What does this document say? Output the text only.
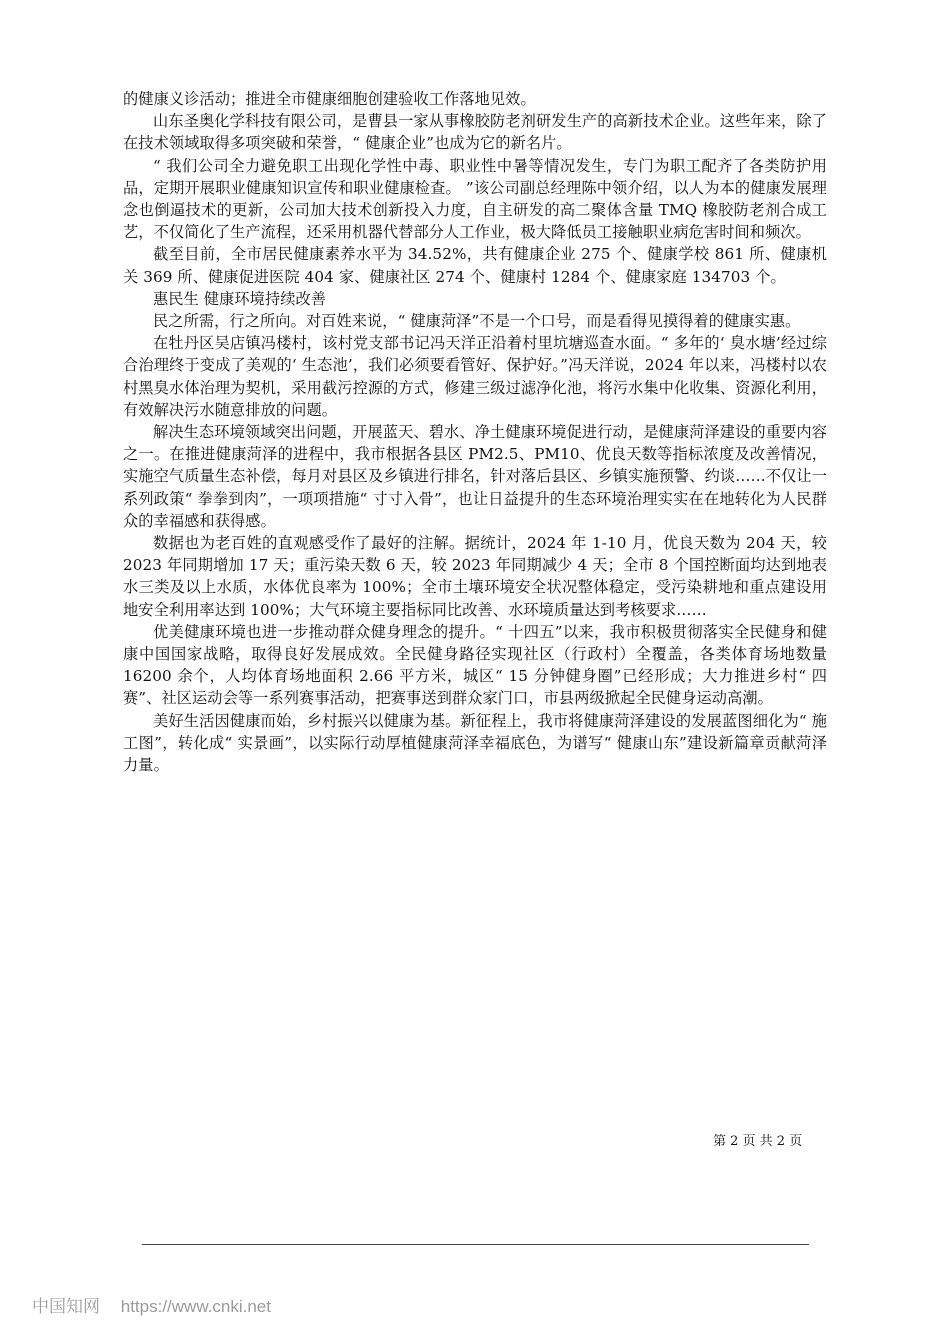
的健康义诊活动；推进全市健康细胞创建验收工作落地见效。

山东圣奥化学科技有限公司，是曹县一家从事橡胶防老剂研发生产的高新技术企业。这些年来，除了在技术领域取得多项突破和荣誉，“ 健康企业”也成为它的新名片。

“ 我们公司全力避免职工出现化学性中毒、职业性中暑等情况发生，专门为职工配齐了各类防护用品，定期开展职业健康知识宣传和职业健康检查。 ”该公司副总经理陈中领介绍，以人为本的健康发展理念也倒逼技术的更新，公司加大技术创新投入力度，自主研发的高二聚体含量 TMQ 橡胶防老剂合成工艺，不仅简化了生产流程，还采用机器代替部分人工作业，极大降低员工接触职业病危害时间和频次。

截至目前，全市居民健康素养水平为 34.52%，共有健康企业 275 个、健康学校 861 所、健康机关 369 所、健康促进医院 404 家、健康社区 274 个、健康村 1284 个、健康家庭 134703 个。

惠民生 健康环境持续改善

民之所需，行之所向。对百姓来说，“ 健康菏泽”不是一个口号，而是看得见摸得着的健康实惠。

在牡丹区吴店镇冯楼村，该村党支部书记冯天洋正沿着村里坑塘巡查水面。“ 多年的‘ 臭水塘’经过综合治理终于变成了美观的‘ 生态池’，我们必须要看管好、保护好。”冯天洋说，2024 年以来，冯楼村以农村黑臭水体治理为契机，采用截污控源的方式，修建三级过滤净化池，将污水集中化收集、资源化利用，有效解决污水随意排放的问题。

解决生态环境领域突出问题，开展蓝天、碧水、净土健康环境促进行动，是健康菏泽建设的重要内容之一。在推进健康菏泽的进程中，我市根据各县区 PM2.5、PM10、优良天数等指标浓度及改善情况，实施空气质量生态补偿，每月对县区及乡镇进行排名，针对落后县区、乡镇实施预警、约谈……不仅让一系列政策“ 拳拳到肉”，一项项措施“ 寸寸入骨”，也让日益提升的生态环境治理实实在在地转化为人民群众的幸福感和获得感。

数据也为老百姓的直观感受作了最好的注解。据统计，2024 年 1-10 月，优良天数为 204 天，较 2023 年同期增加 17 天；重污染天数 6 天，较 2023 年同期减少 4 天；全市 8 个国控断面均达到地表水三类及以上水质，水体优良率为 100%；全市土壤环境安全状况整体稳定，受污染耕地和重点建设用地安全利用率达到 100%；大气环境主要指标同比改善、水环境质量达到考核要求……

优美健康环境也进一步推动群众健身理念的提升。“ 十四五”以来，我市积极贯彻落实全民健身和健康中国国家战略，取得良好发展成效。全民健身路径实现社区（行政村）全覆盖，各类体育场地数量 16200 余个，人均体育场地面积 2.66 平方米，城区“ 15 分钟健身圈”已经形成；大力推进乡村“ 四赛”、社区运动会等一系列赛事活动，把赛事送到群众家门口，市县两级掀起全民健身运动高潮。

美好生活因健康而始，乡村振兴以健康为基。新征程上，我市将健康菏泽建设的发展蓝图细化为“ 施工图”，转化成“ 实景画”，以实际行动厚植健康菏泽幸福底色，为谱写“ 健康山东”建设新篇章贡献菏泽力量。

第 2 页 共 2 页
中国知网 https://www.cnki.net
